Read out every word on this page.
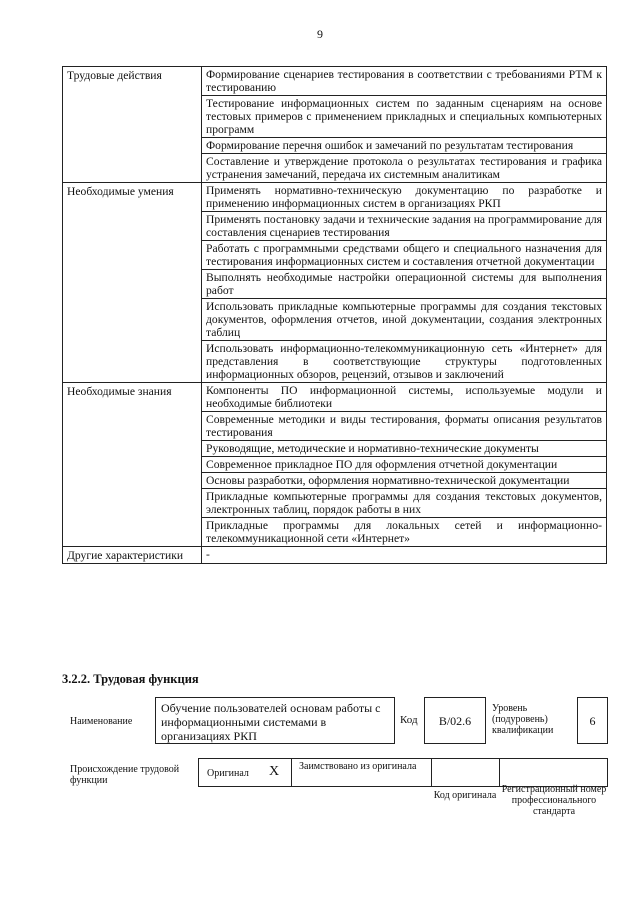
9
Трудовые действия	Формирование сценариев тестирования в соответствии с требованиями РТМ к тестированию
	Тестирование информационных систем по заданным сценариям на основе тестовых примеров с применением прикладных и специальных компьютерных программ
	Формирование перечня ошибок и замечаний по результатам тестирования
	Составление и утверждение протокола о результатах тестирования и графика устранения замечаний, передача их системным аналитикам
Необходимые умения	Применять нормативно-техническую документацию по разработке и применению информационных систем в организациях РКП
	Применять постановку задачи и технические задания на программирование для составления сценариев тестирования
	Работать с программными средствами общего и специального назначения для тестирования информационных систем и составления отчетной документации
	Выполнять необходимые настройки операционной системы для выполнения работ
	Использовать прикладные компьютерные программы для создания текстовых документов, оформления отчетов, иной документации, создания электронных таблиц
	Использовать информационно-телекоммуникационную сеть «Интернет» для представления в соответствующие структуры подготовленных информационных обзоров, рецензий, отзывов и заключений
Необходимые знания	Компоненты ПО информационной системы, используемые модули и необходимые библиотеки
	Современные методики и виды тестирования, форматы описания результатов тестирования
	Руководящие, методические и нормативно-технические документы
	Современное прикладное ПО для оформления отчетной документации
	Основы разработки, оформления нормативно-технической документации
	Прикладные компьютерные программы для создания текстовых документов, электронных таблиц, порядок работы в них
	Прикладные программы для локальных сетей и информационно-телекоммуникационной сети «Интернет»
Другие характеристики	-
3.2.2. Трудовая функция
Наименование
Обучение пользователей основам работы с информационными системами в организациях РКП
Код	В/02.6
Уровень (подуровень) квалификации
6
Происхождение трудовой функции
Оригинал X Заимствовано из оригинала
Код оригинала
Регистрационный номер профессионального стандарта
